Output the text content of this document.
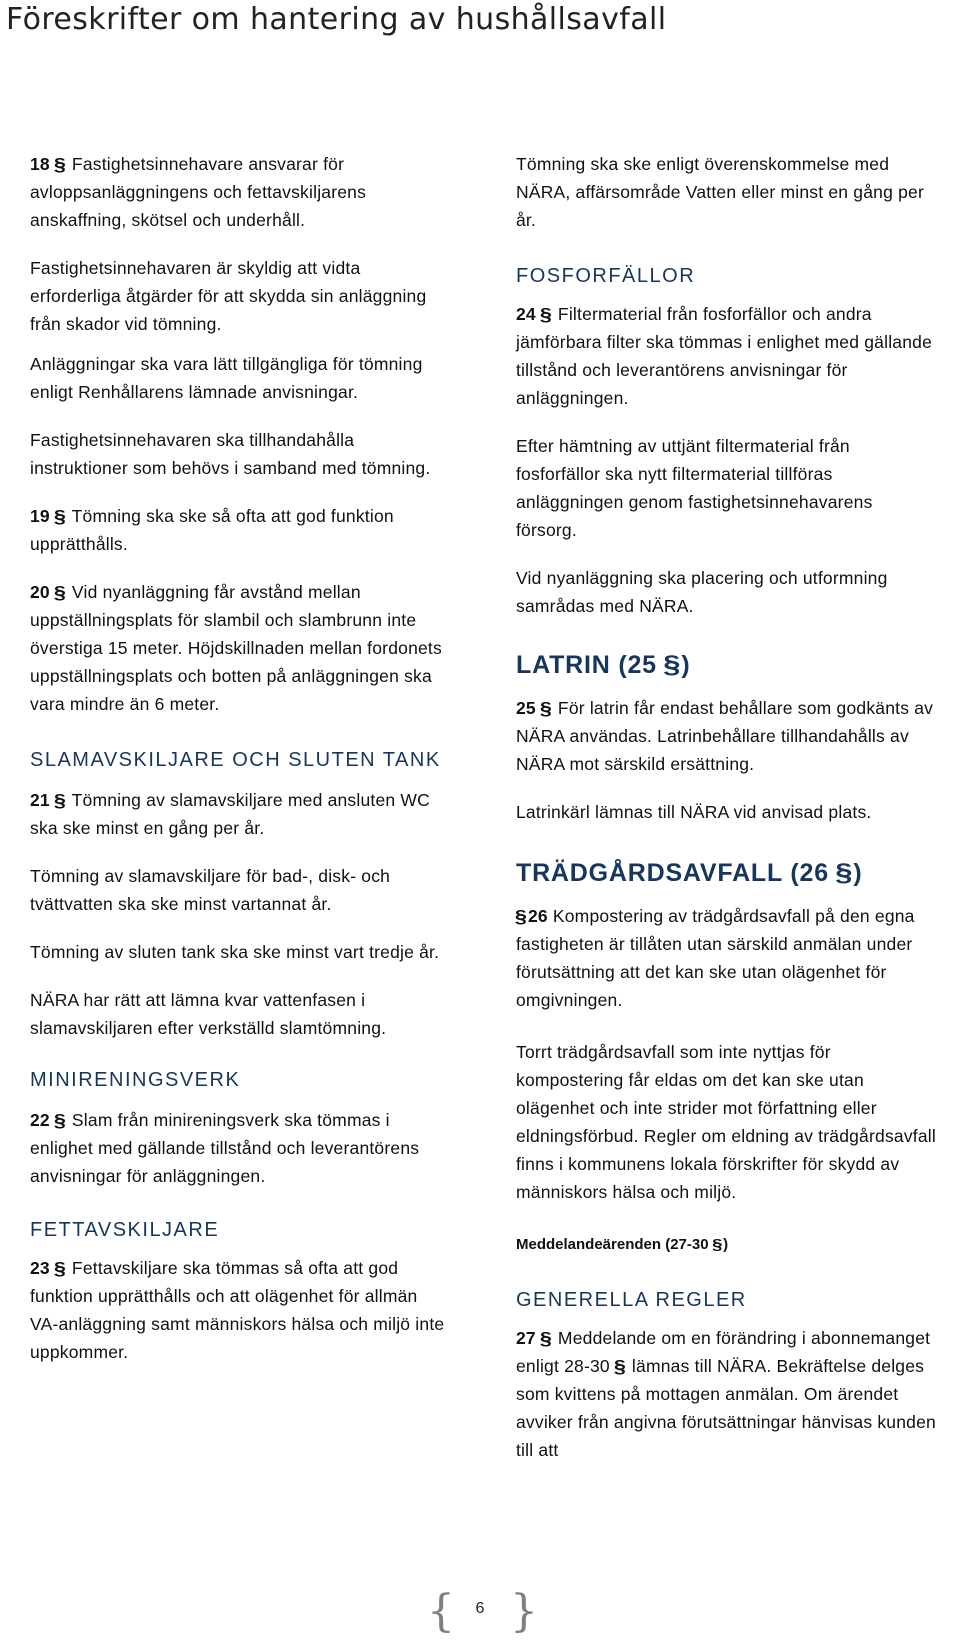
Föreskrifter om hantering av hushållsavfall

18 § Fastighetsinnehavare ansvarar för avloppsanläggningens och fettavskiljarens anskaffning, skötsel och underhåll.

Fastighetsinnehavaren är skyldig att vidta erforderliga åtgärder för att skydda sin anläggning från skador vid tömning.

Anläggningar ska vara lätt tillgängliga för tömning enligt Renhållarens lämnade anvisningar.

Fastighetsinnehavaren ska tillhandahålla instruktioner som behövs i samband med tömning.

19 § Tömning ska ske så ofta att god funktion upprätthålls.

20 § Vid nyanläggning får avstånd mellan uppställningsplats för slambil och slambrunn inte överstiga 15 meter. Höjdskillnaden mellan fordonets uppställningsplats och botten på anläggningen ska vara mindre än 6 meter.

SLAMAVSKILJARE OCH SLUTEN TANK

21 § Tömning av slamavskiljare med ansluten WC ska ske minst en gång per år.

Tömning av slamavskiljare för bad-, disk- och tvättvatten ska ske minst vartannat år.

Tömning av sluten tank ska ske minst vart tredje år.

NÄRA har rätt att lämna kvar vattenfasen i slamavskiljaren efter verkställd slamtömning.

MINIRENINGSVERK

22 § Slam från minireningsverk ska tömmas i enlighet med gällande tillstånd och leverantörens anvisningar för anläggningen.

FETTAVSKILJARE

23 § Fettavskiljare ska tömmas så ofta att god funktion upprätthålls och att olägenhet för allmän VA-anläggning samt människors hälsa och miljö inte uppkommer.

Tömning ska ske enligt överenskommelse med NÄRA, affärsområde Vatten eller minst en gång per år.

FOSFORFÄLLOR

24 § Filtermaterial från fosforfällor och andra jämförbara filter ska tömmas i enlighet med gällande tillstånd och leverantörens anvisningar för anläggningen.

Efter hämtning av uttjänt filtermaterial från fosforfällor ska nytt filtermaterial tillföras anläggningen genom fastighetsinnehavarens försorg.

Vid nyanläggning ska placering och utformning samrådas med NÄRA.

LATRIN (25 §)

25 § För latrin får endast behållare som godkänts av NÄRA användas. Latrinbehållare tillhandahålls av NÄRA mot särskild ersättning.

Latrinkärl lämnas till NÄRA vid anvisad plats.

TRÄDGÅRDSAVFALL (26 §)

§26 Kompostering av trädgårdsavfall på den egna fastigheten är tillåten utan särskild anmälan under förutsättning att det kan ske utan olägenhet för omgivningen.

Torrt trädgårdsavfall som inte nyttjas för kompostering får eldas om det kan ske utan olägenhet och inte strider mot författning eller eldningsförbud. Regler om eldning av trädgårdsavfall finns i kommunens lokala förskrifter för skydd av människors hälsa och miljö.

Meddelandeärenden (27-30 §)
GENERELLA REGLER

27 § Meddelande om en förändring i abonnemanget enligt 28-30 § lämnas till NÄRA. Bekräftelse delges som kvittens på mottagen anmälan. Om ärendet avviker från angivna förutsättningar hänvisas kunden till att

{	6 }
